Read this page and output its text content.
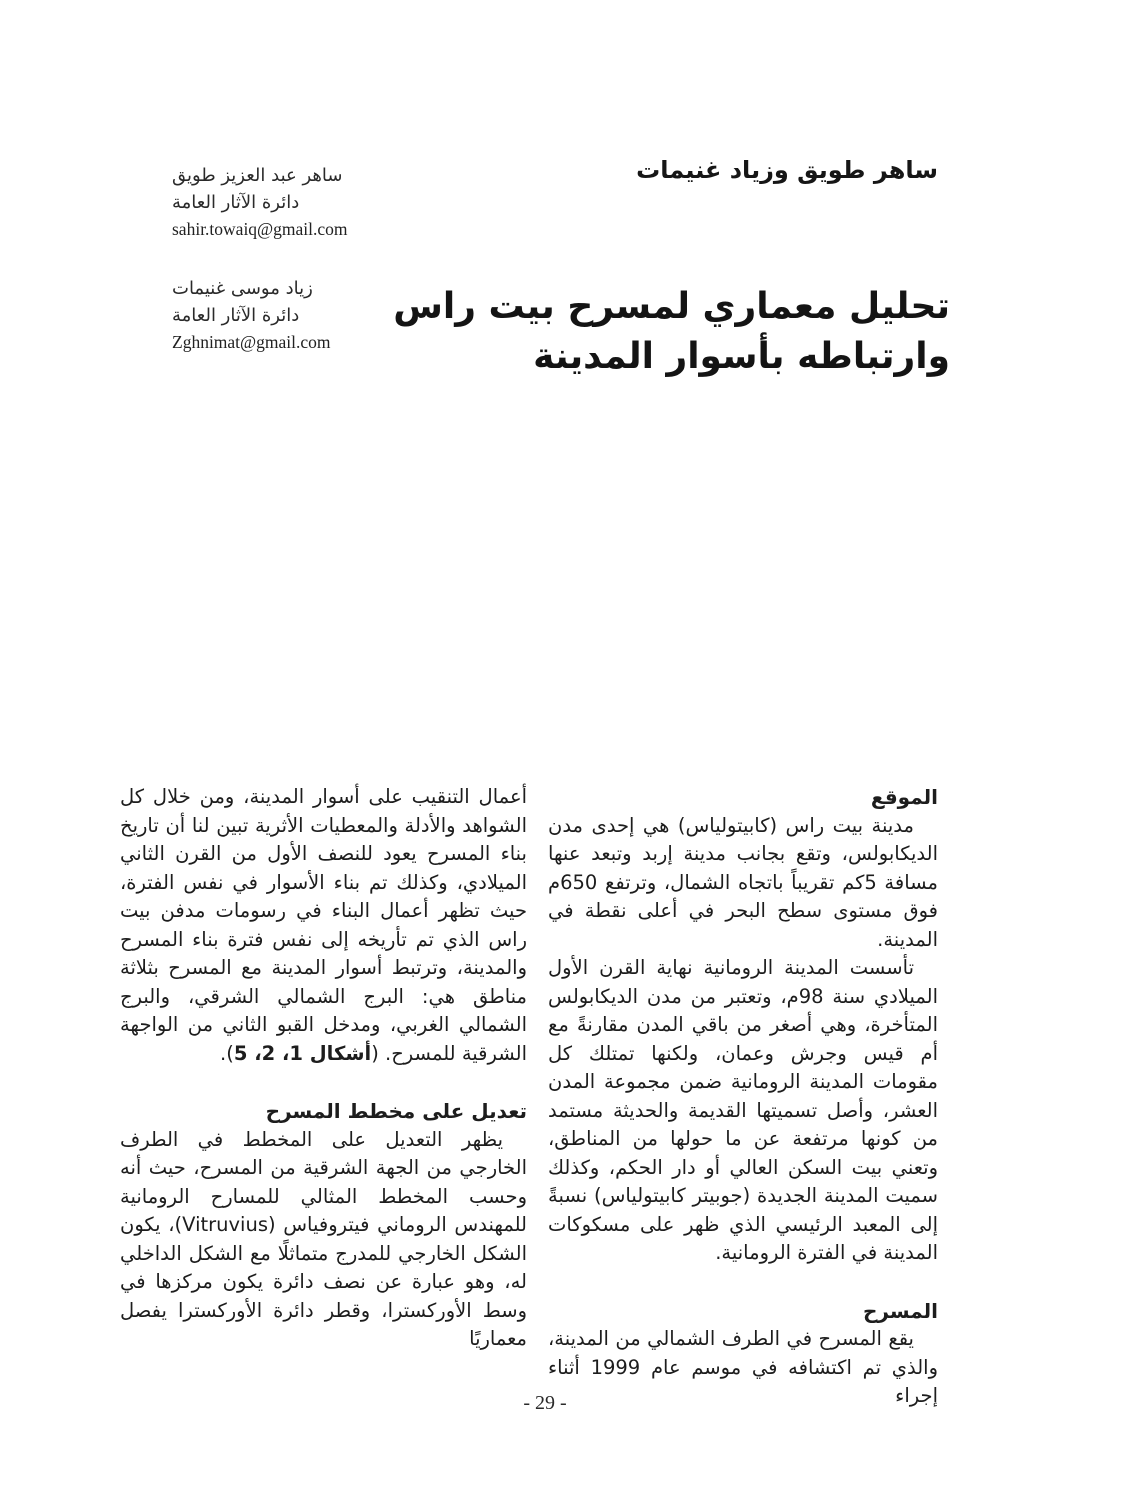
ساهر طويق وزياد غنيمات
ساهر عبد العزيز طويق
دائرة الآثار العامة
sahir.towaiq@gmail.com
زياد موسى غنيمات
دائرة الآثار العامة
Zghnimat@gmail.com
تحليل معماري لمسرح بيت راس
وارتباطه بأسوار المدينة
الموقع
مدينة بيت راس (كابيتولياس) هي إحدى مدن الديكابولس، وتقع بجانب مدينة إربد وتبعد عنها مسافة 5كم تقريباً باتجاه الشمال، وترتفع 650م فوق مستوى سطح البحر في أعلى نقطة في المدينة.
تأسست المدينة الرومانية نهاية القرن الأول الميلادي سنة 98م، وتعتبر من مدن الديكابولس المتأخرة، وهي أصغر من باقي المدن مقارنةً مع أم قيس وجرش وعمان، ولكنها تمتلك كل مقومات المدينة الرومانية ضمن مجموعة المدن العشر، وأصل تسميتها القديمة والحديثة مستمد من كونها مرتفعة عن ما حولها من المناطق، وتعني بيت السكن العالي أو دار الحكم، وكذلك سميت المدينة الجديدة (جوبيتر كابيتولياس) نسبةً إلى المعبد الرئيسي الذي ظهر على مسكوكات المدينة في الفترة الرومانية.
المسرح
يقع المسرح في الطرف الشمالي من المدينة، والذي تم اكتشافه في موسم عام 1999 أثناء إجراء
أعمال التنقيب على أسوار المدينة، ومن خلال كل الشواهد والأدلة والمعطيات الأثرية تبين لنا أن تاريخ بناء المسرح يعود للنصف الأول من القرن الثاني الميلادي، وكذلك تم بناء الأسوار في نفس الفترة، حيث تظهر أعمال البناء في رسومات مدفن بيت راس الذي تم تأريخه إلى نفس فترة بناء المسرح والمدينة، وترتبط أسوار المدينة مع المسرح بثلاثة مناطق هي: البرج الشمالي الشرقي، والبرج الشمالي الغربي، ومدخل القبو الثاني من الواجهة الشرقية للمسرح. (أشكال 1، 2، 5).
تعديل على مخطط المسرح
يظهر التعديل على المخطط في الطرف الخارجي من الجهة الشرقية من المسرح، حيث أنه وحسب المخطط المثالي للمسارح الرومانية للمهندس الروماني فيتروفياس (Vitruvius)، يكون الشكل الخارجي للمدرج متماثلًا مع الشكل الداخلي له، وهو عبارة عن نصف دائرة يكون مركزها في وسط الأوركسترا، وقطر دائرة الأوركسترا يفصل معماريًا
- 29 -
